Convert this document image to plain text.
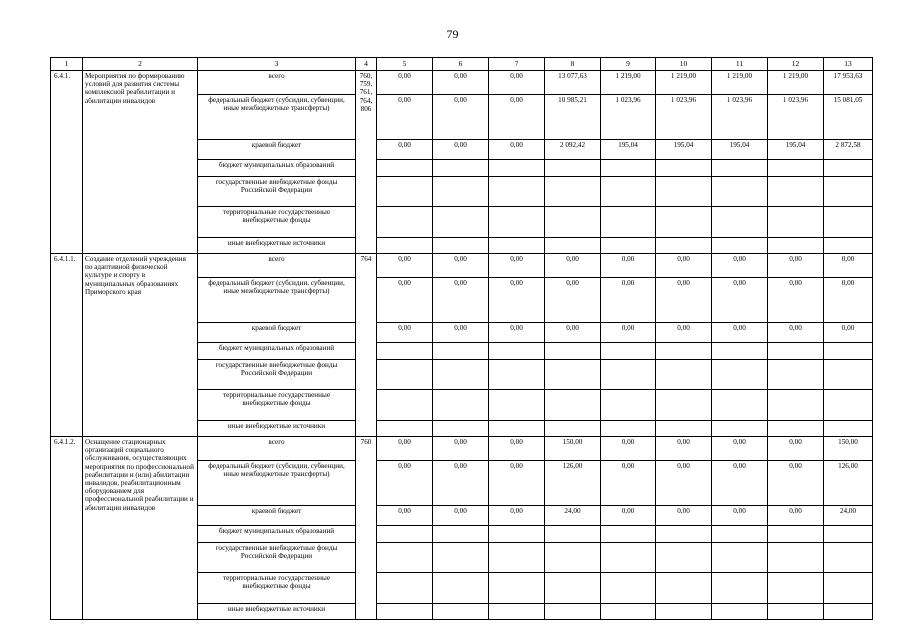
79
1	2	3	4	5	6	7	8	9	10	11	12	13
6.4.1.	Мероприятия по формированию условий для развития системы комплексной реабилитации и абилитации инвалидов	всего	760, 759, 761, 764, 806	0,00	0,00	0,00	13 077,63	1 219,00	1 219,00	1 219,00	1 219,00	17 953,63
		федеральный бюджет (субсидии, субвенции, иные межбюджетные трансферты)		0,00	0,00	0,00	10 985,21	1 023,96	1 023,96	1 023,96	1 023,96	15 081,05
		краевой бюджет		0,00	0,00	0,00	2 092,42	195,04	195,04	195,04	195,04	2 872,58
		бюджет муниципальных образований										
		государственные внебюджетные фонды Российской Федерации										
		территориальные государственные внебюджетные фонды										
		иные внебюджетные источники										
6.4.1.1.	Создание отделений учреждения по адаптивной физической культуре и спорту в муниципальных образованиях Приморского края	всего	764	0,00	0,00	0,00	0,00	0,00	0,00	0,00	0,00	0,00
		федеральный бюджет (субсидии, субвенции, иные межбюджетные трансферты)		0,00	0,00	0,00	0,00	0,00	0,00	0,00	0,00	0,00
		краевой бюджет		0,00	0,00	0,00	0,00	0,00	0,00	0,00	0,00	0,00
		бюджет муниципальных образований										
		государственные внебюджетные фонды Российской Федерации										
		территориальные государственные внебюджетные фонды										
		иные внебюджетные источники										
6.4.1.2.	Оснащение стационарных организаций социального обслуживания, осуществляющих мероприятия по профессиональной реабилитации и (или) абилитации инвалидов, реабилитационным оборудованием для профессиональной реабилитации и абилитации инвалидов	всего	760	0,00	0,00	0,00	150,00	0,00	0,00	0,00	0,00	150,00
		федеральный бюджет (субсидии, субвенции, иные межбюджетные трансферты)		0,00	0,00	0,00	126,00	0,00	0,00	0,00	0,00	126,00
		краевой бюджет		0,00	0,00	0,00	24,00	0,00	0,00	0,00	0,00	24,00
		бюджет муниципальных образований										
		государственные внебюджетные фонды Российской Федерации										
		территориальные государственные внебюджетные фонды										
		иные внебюджетные источники										
